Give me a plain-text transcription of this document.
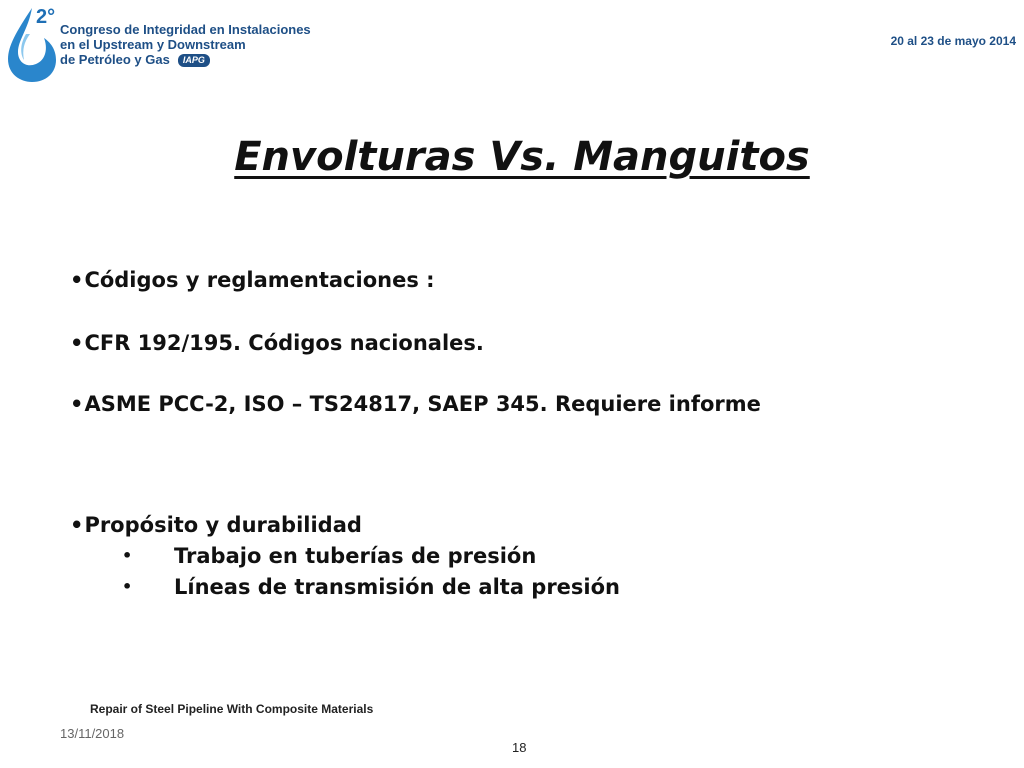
2°
Congreso de Integridad en Instalaciones
en el Upstream y Downstream
de Petróleo y Gas IAPG
20 al 23 de mayo 2014
Envolturas Vs. Manguitos
•Códigos y reglamentaciones :
•CFR 192/195. Códigos nacionales.
•ASME PCC-2, ISO – TS24817, SAEP 345. Requiere informe
•Propósito y durabilidad
• Trabajo en tuberías de presión
• Líneas de transmisión de alta presión
Repair of Steel Pipeline With Composite Materials
13/11/2018
18
